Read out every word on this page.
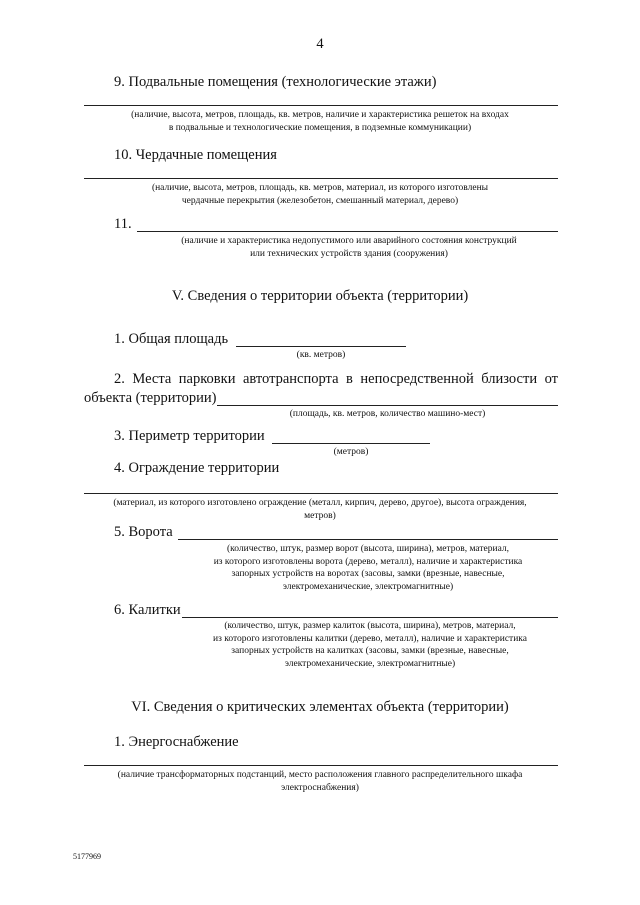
4
9. Подвальные помещения (технологические этажи)
(наличие, высота, метров, площадь, кв. метров, наличие и характеристика решеток на входах
в подвальные и технологические помещения, в подземные коммуникации)
10. Чердачные помещения
(наличие, высота, метров, площадь, кв. метров, материал, из которого изготовлены
чердачные перекрытия (железобетон, смешанный материал, дерево)
11.
(наличие и характеристика недопустимого или аварийного состояния конструкций
или технических устройств здания (сооружения)
V. Сведения о территории объекта (территории)
1. Общая площадь
(кв. метров)
2. Места парковки автотранспорта в непосредственной близости от
объекта (территории)
(площадь, кв. метров, количество машино-мест)
3. Периметр территории
(метров)
4. Ограждение территории
(материал, из которого изготовлено ограждение (металл, кирпич, дерево, другое), высота ограждения,
метров)
5. Ворота
(количество, штук, размер ворот (высота, ширина), метров, материал,
из которого изготовлены ворота (дерево, металл), наличие и характеристика
запорных устройств на воротах (засовы, замки (врезные, навесные,
электромеханические, электромагнитные)
6. Калитки
(количество, штук, размер калиток (высота, ширина), метров, материал,
из которого изготовлены калитки (дерево, металл), наличие и характеристика
запорных устройств на калитках (засовы, замки (врезные, навесные,
электромеханические, электромагнитные)
VI. Сведения о критических элементах объекта (территории)
1. Энергоснабжение
(наличие трансформаторных подстанций, место расположения главного распределительного шкафа
электроснабжения)
5177969
